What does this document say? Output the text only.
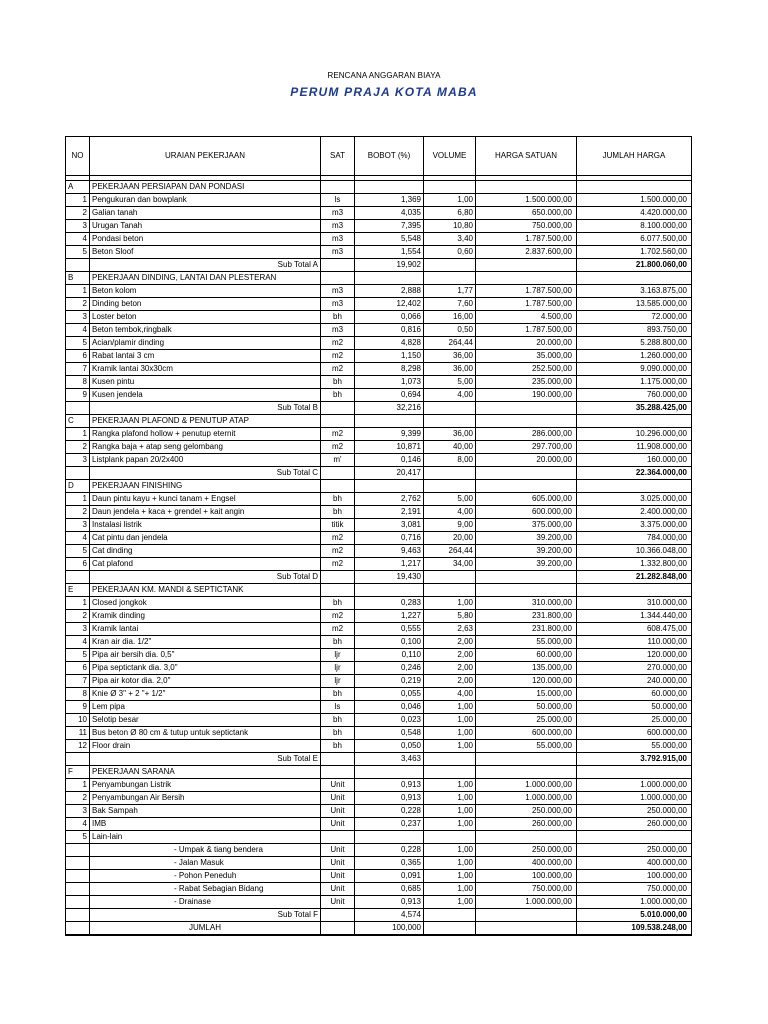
RENCANA ANGGARAN BIAYA
PERUM PRAJA KOTA MABA
NO	URAIAN PEKERJAAN	SAT	BOBOT (%)	VOLUME	HARGA SATUAN	JUMLAH HARGA

A	PEKERJAAN PERSIAPAN DAN PONDASI					
1	Pengukuran dan bowplank	ls	1,369	1,00	1.500.000,00	1.500.000,00
2	Galian tanah	m3	4,035	6,80	650.000,00	4.420.000,00
3	Urugan Tanah	m3	7,395	10,80	750.000,00	8.100.000,00
4	Pondasi beton	m3	5,548	3,40	1.787.500,00	6.077.500,00
5	Beton Sloof	m3	1,554	0,60	2.837.600,00	1.702.560,00
	Sub Total A		19,902			21.800.060,00
B	PEKERJAAN DINDING, LANTAI DAN PLESTERAN					
1	Beton kolom	m3	2,888	1,77	1.787.500,00	3.163.875,00
2	Dinding beton	m3	12,402	7,60	1.787.500,00	13.585.000,00
3	Loster beton	bh	0,066	16,00	4.500,00	72.000,00
4	Beton tembok,ringbalk	m3	0,816	0,50	1.787.500,00	893.750,00
5	Acian/plamir dinding	m2	4,828	264,44	20.000,00	5.288.800,00
6	Rabat lantai 3 cm	m2	1,150	36,00	35.000,00	1.260.000,00
7	Kramik lantai 30x30cm	m2	8,298	36,00	252.500,00	9.090.000,00
8	Kusen pintu	bh	1,073	5,00	235.000,00	1.175.000,00
9	Kusen jendela	bh	0,694	4,00	190.000,00	760.000,00
	Sub Total B		32,216			35.288.425,00
C	PEKERJAAN PLAFOND & PENUTUP ATAP					
1	Rangka plafond hollow + penutup eternit	m2	9,399	36,00	286.000,00	10.296.000,00
2	Rangka baja + atap seng gelombang	m2	10,871	40,00	297.700,00	11.908.000,00
3	Listplank papan 20/2x400	m'	0,146	8,00	20.000,00	160.000,00
	Sub Total C		20,417			22.364.000,00
D	PEKERJAAN FINISHING					
1	Daun pintu kayu + kunci tanam + Engsel	bh	2,762	5,00	605.000,00	3.025.000,00
2	Daun jendela + kaca + grendel + kait angin	bh	2,191	4,00	600.000,00	2.400.000,00
3	Instalasi listrik	titik	3,081	9,00	375.000,00	3.375.000,00
4	Cat pintu dan jendela	m2	0,716	20,00	39.200,00	784.000,00
5	Cat dinding	m2	9,463	264,44	39.200,00	10.366.048,00
6	Cat plafond	m2	1,217	34,00	39.200,00	1.332.800,00
	Sub Total D		19,430			21.282.848,00
E	PEKERJAAN KM. MANDI & SEPTICTANK					
1	Closed jongkok	bh	0,283	1,00	310.000,00	310.000,00
2	Kramik dinding	m2	1,227	5,80	231.800,00	1.344.440,00
3	Kramik lantai	m2	0,555	2,63	231.800,00	608.475,00
4	Kran air dia. 1/2"	bh	0,100	2,00	55.000,00	110.000,00
5	Pipa air bersih dia. 0,5"	ljr	0,110	2,00	60.000,00	120.000,00
6	Pipa septictank dia. 3,0"	ljr	0,246	2,00	135.000,00	270.000,00
7	Pipa air kotor dia. 2,0"	ljr	0,219	2,00	120.000,00	240.000,00
8	Knie Ø 3" + 2 "+ 1/2"	bh	0,055	4,00	15.000,00	60.000,00
9	Lem pipa	ls	0,046	1,00	50.000,00	50.000,00
10	Selotip besar	bh	0,023	1,00	25.000,00	25.000,00
11	Bus beton Ø 80 cm & tutup untuk septictank	bh	0,548	1,00	600.000,00	600.000,00
12	Floor drain	bh	0,050	1,00	55.000,00	55.000,00
	Sub Total E		3,463			3.792.915,00
F	PEKERJAAN SARANA					
1	Penyambungan Listrik	Unit	0,913	1,00	1.000.000,00	1.000.000,00
2	Penyambungan Air Bersih	Unit	0,913	1,00	1.000.000,00	1.000.000,00
3	Bak Sampah	Unit	0,228	1,00	250.000,00	250.000,00
4	IMB	Unit	0,237	1,00	260.000,00	260.000,00
5	Lain-lain					
	- Umpak & tiang bendera	Unit	0,228	1,00	250.000,00	250.000,00
	- Jalan Masuk	Unit	0,365	1,00	400.000,00	400.000,00
	- Pohon Peneduh	Unit	0,091	1,00	100.000,00	100.000,00
	- Rabat Sebagian Bidang	Unit	0,685	1,00	750.000,00	750.000,00
	- Drainase	Unit	0,913	1,00	1.000.000,00	1.000.000,00
	Sub Total F		4,574			5.010.000,00
	JUMLAH		100,000			109.538.248,00
